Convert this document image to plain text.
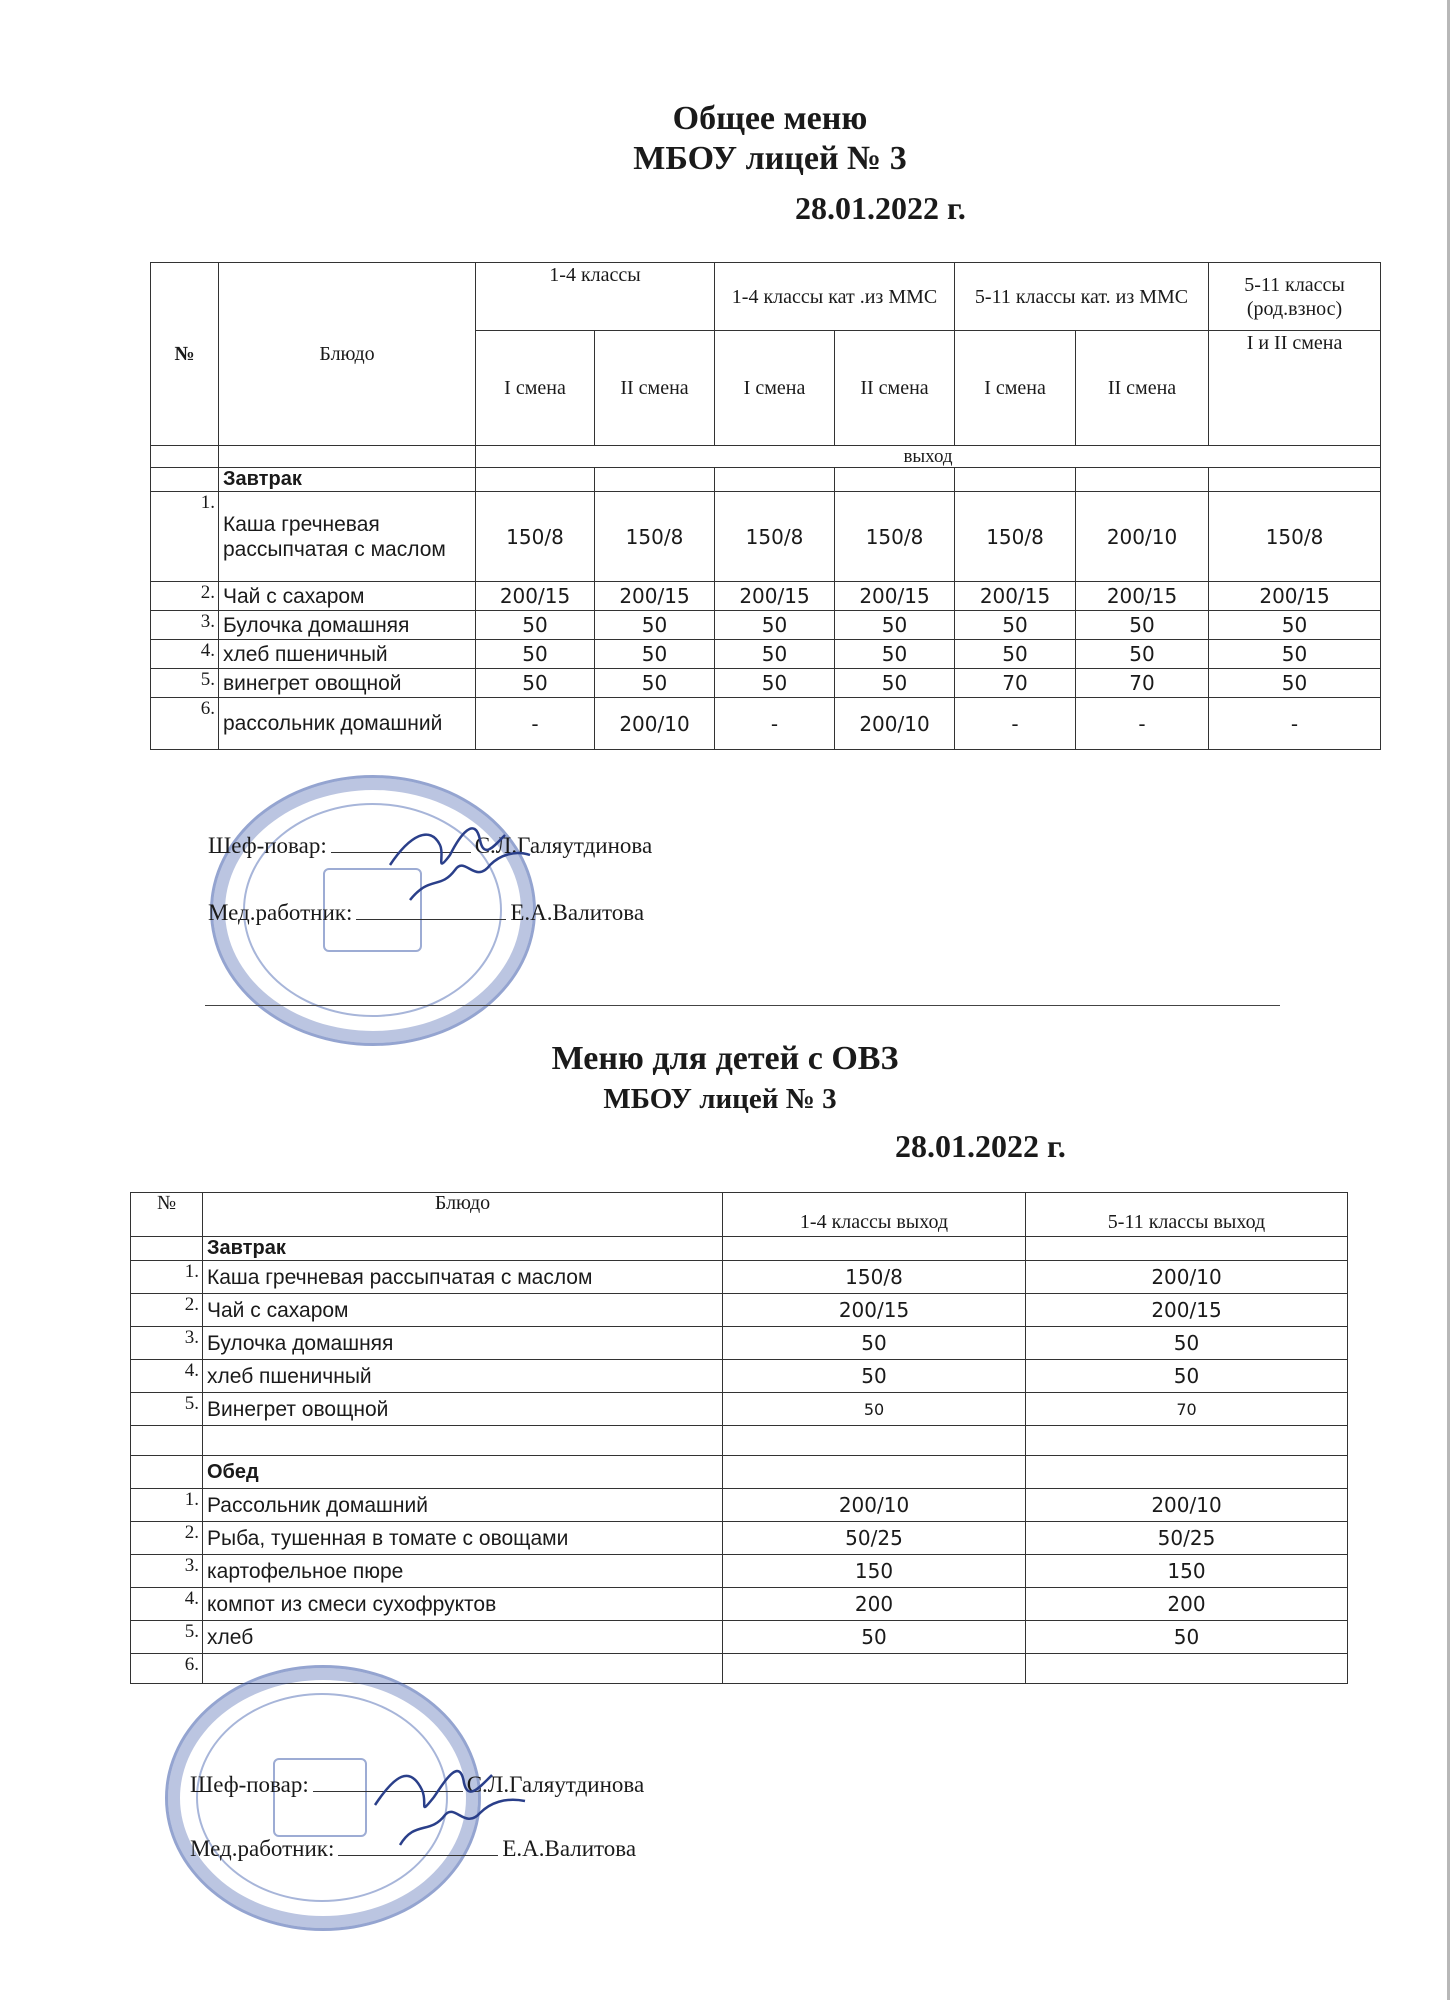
Общее меню
МБОУ лицей № 3
28.01.2022 г.
№	Блюдо	1-4 классы		1-4 классы кат .из ММС		5-11 классы кат. из ММС		5-11 классы (род.взнос)
		I смена	II смена	I смена	II смена	I смена	II смена	I и II смена
		выход						
	Завтрак							
1.	Каша гречневая рассыпчатая с маслом	150/8	150/8	150/8	150/8	150/8	200/10	150/8
2.	Чай с сахаром	200/15	200/15	200/15	200/15	200/15	200/15	200/15
3.	Булочка домашняя	50	50	50	50	50	50	50
4.	хлеб пшеничный	50	50	50	50	50	50	50
5.	винегрет овощной	50	50	50	50	70	70	50
6.	рассольник домашний	-	200/10	-	200/10	-	-	-
Шеф-повар:	С.Л.Галяутдинова
Мед.работник:	Е.А.Валитова
Меню для детей с ОВЗ
МБОУ лицей № 3
28.01.2022 г.
№	Блюдо		
		1-4 классы выход	5-11 классы выход
	Завтрак		
1.	Каша гречневая рассыпчатая с маслом	150/8	200/10
2.	Чай с сахаром	200/15	200/15
3.	Булочка домашняя	50	50
4.	хлеб пшеничный	50	50
5.	Винегрет овощной	50	70

	Обед		
1.	Рассольник домашний	200/10	200/10
2.	Рыба, тушенная в томате с овощами	50/25	50/25
3.	картофельное пюре	150	150
4.	компот из смеси сухофруктов	200	200
5.	хлеб	50	50
6.			
Шеф-повар:	С.Л.Галяутдинова
Мед.работник:	Е.А.Валитова
